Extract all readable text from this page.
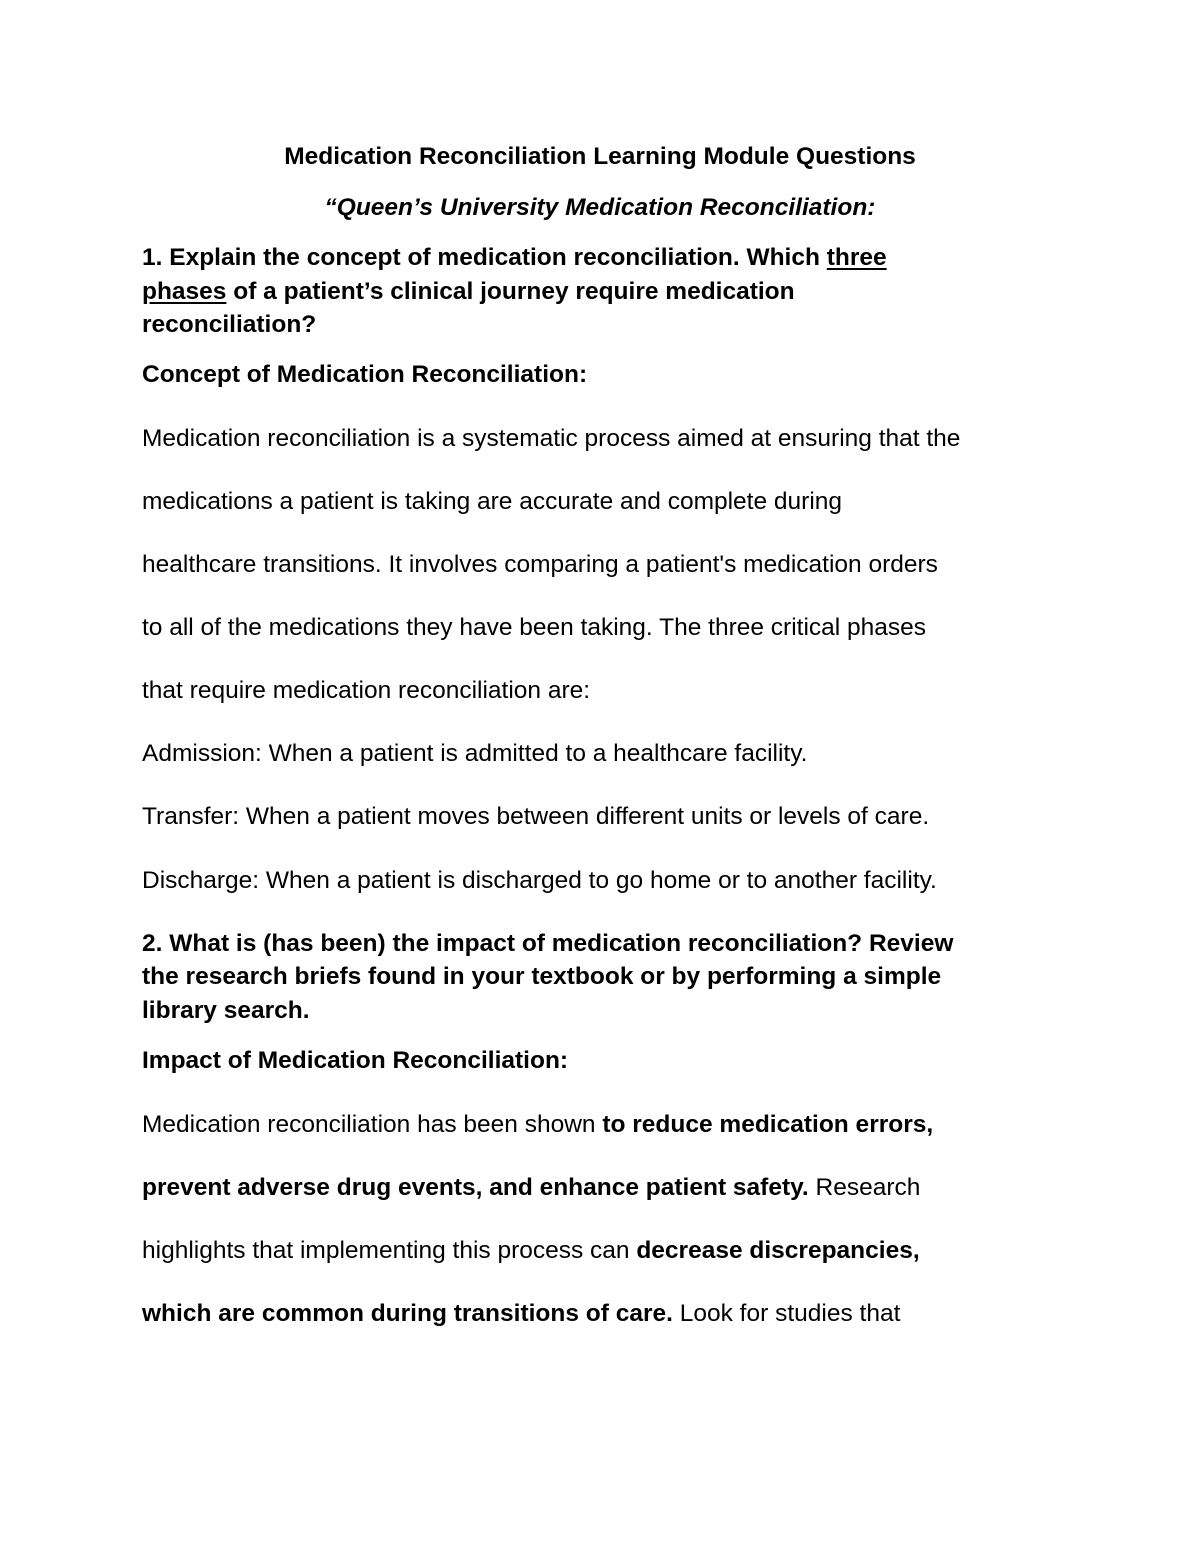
Medication Reconciliation Learning Module Questions
“Queen’s University Medication Reconciliation:
1. Explain the concept of medication reconciliation. Which three
phases of a patient’s clinical journey require medication
reconciliation?
Concept of Medication Reconciliation:
Medication reconciliation is a systematic process aimed at ensuring that the
medications a patient is taking are accurate and complete during
healthcare transitions. It involves comparing a patient's medication orders
to all of the medications they have been taking. The three critical phases
that require medication reconciliation are:
Admission: When a patient is admitted to a healthcare facility.
Transfer: When a patient moves between different units or levels of care.
Discharge: When a patient is discharged to go home or to another facility.
2. What is (has been) the impact of medication reconciliation? Review
the research briefs found in your textbook or by performing a simple
library search.
Impact of Medication Reconciliation:
Medication reconciliation has been shown to reduce medication errors,
prevent adverse drug events, and enhance patient safety. Research
highlights that implementing this process can decrease discrepancies,
which are common during transitions of care. Look for studies that
